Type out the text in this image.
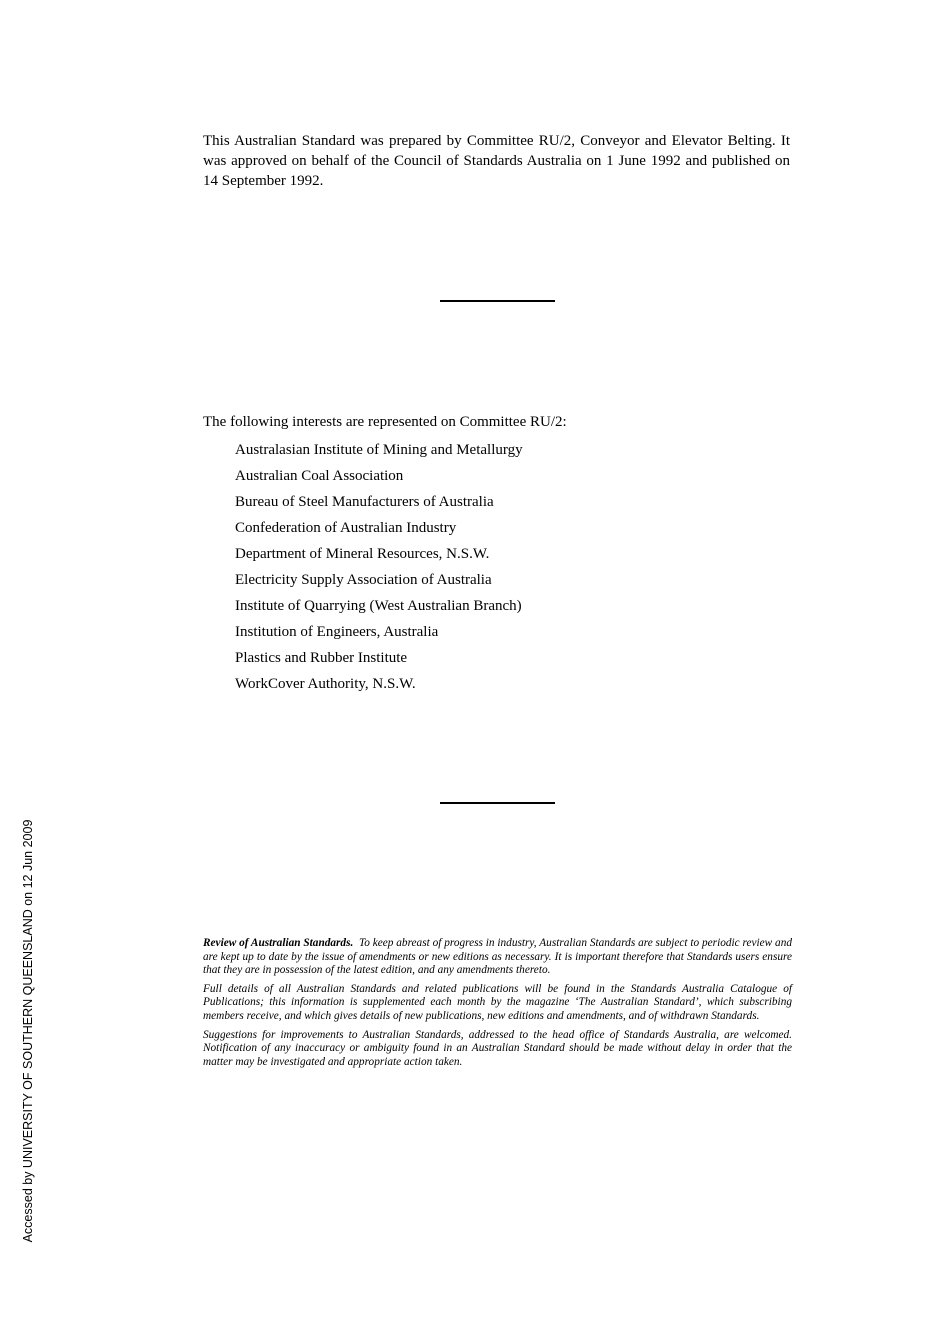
This Australian Standard was prepared by Committee RU/2, Conveyor and Elevator Belting. It was approved on behalf of the Council of Standards Australia on 1 June 1992 and published on 14 September 1992.

The following interests are represented on Committee RU/2:

Australasian Institute of Mining and Metallurgy
Australian Coal Association
Bureau of Steel Manufacturers of Australia
Confederation of Australian Industry
Department of Mineral Resources, N.S.W.
Electricity Supply Association of Australia
Institute of Quarrying (West Australian Branch)
Institution of Engineers, Australia
Plastics and Rubber Institute
WorkCover Authority, N.S.W.

Review of Australian Standards. To keep abreast of progress in industry, Australian Standards are subject to periodic review and are kept up to date by the issue of amendments or new editions as necessary. It is important therefore that Standards users ensure that they are in possession of the latest edition, and any amendments thereto.

Full details of all Australian Standards and related publications will be found in the Standards Australia Catalogue of Publications; this information is supplemented each month by the magazine ‘The Australian Standard’, which subscribing members receive, and which gives details of new publications, new editions and amendments, and of withdrawn Standards.

Suggestions for improvements to Australian Standards, addressed to the head office of Standards Australia, are welcomed. Notification of any inaccuracy or ambiguity found in an Australian Standard should be made without delay in order that the matter may be investigated and appropriate action taken.

Accessed by UNIVERSITY OF SOUTHERN QUEENSLAND on 12 Jun 2009
